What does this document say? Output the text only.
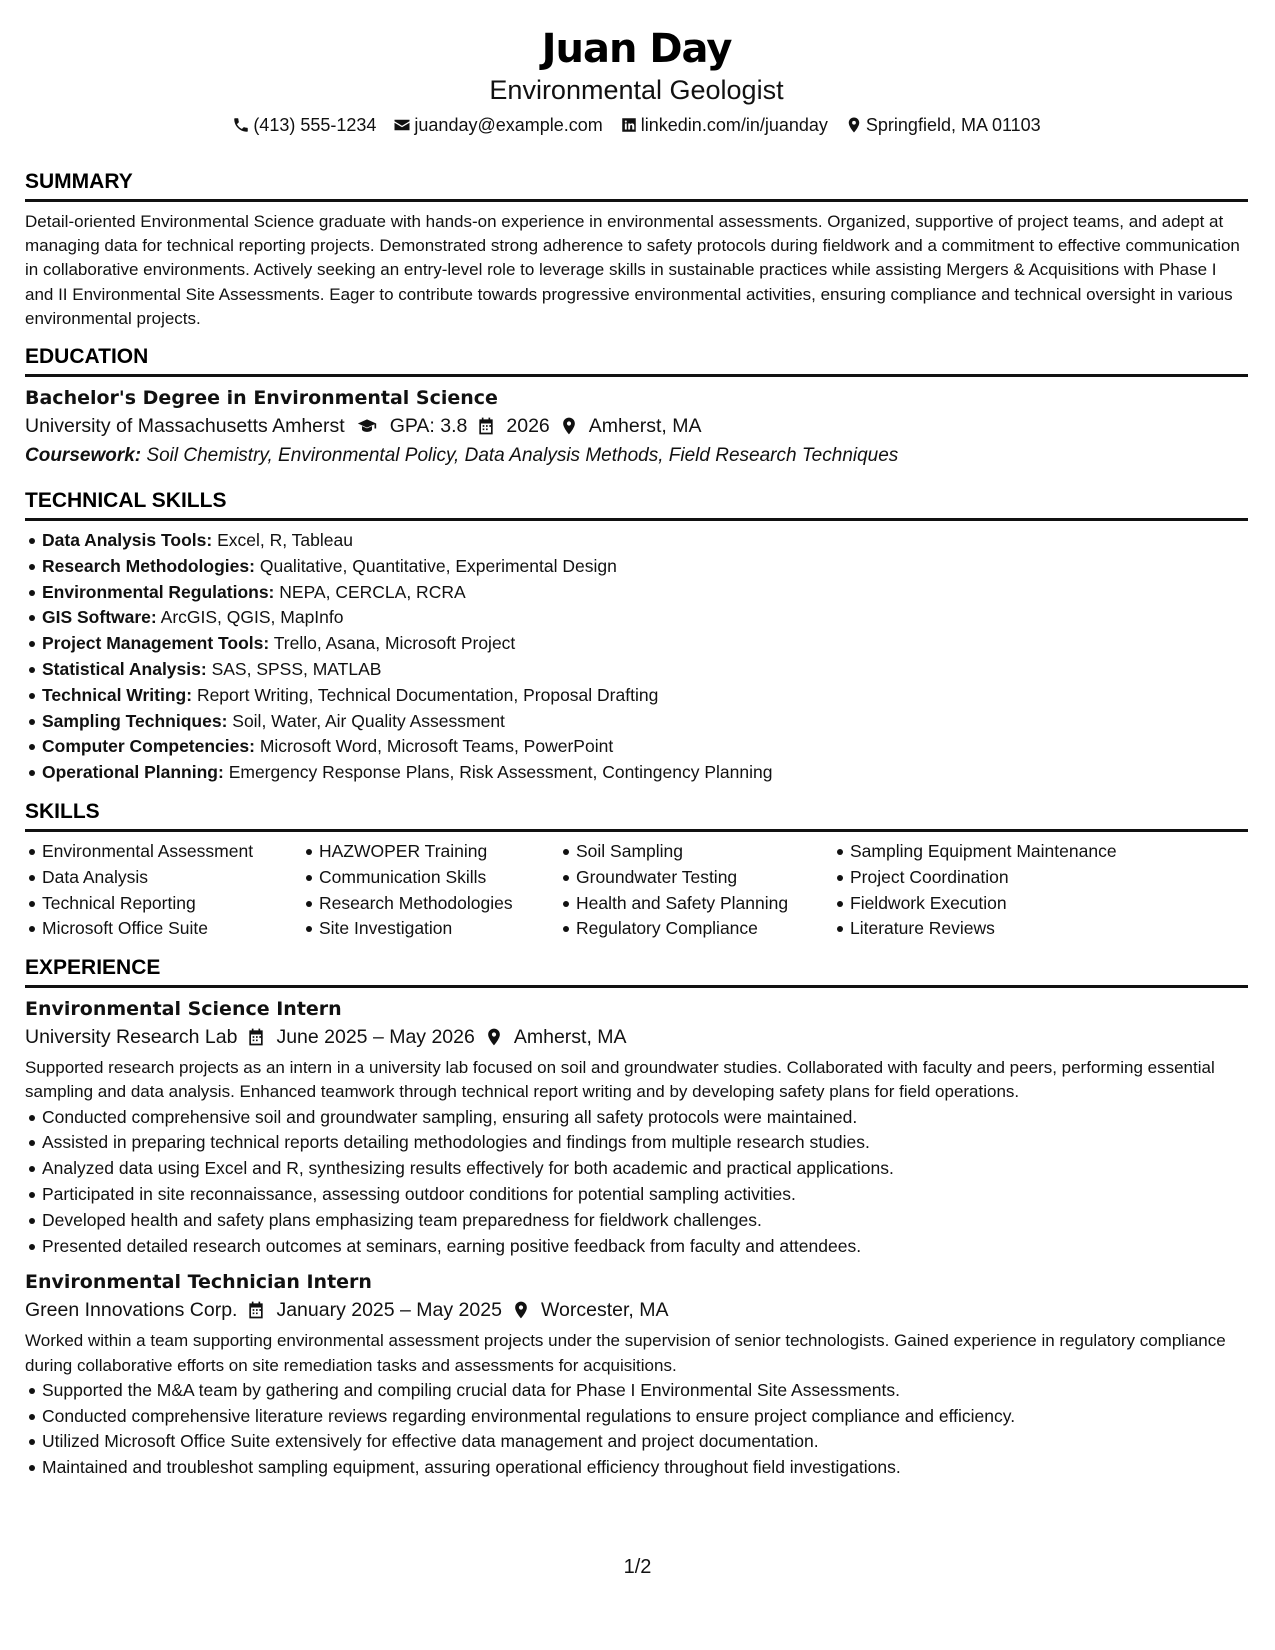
Juan Day
Environmental Geologist
(413) 555-1234 juanday@example.com linkedin.com/in/juanday Springfield, MA 01103
SUMMARY
Detail-oriented Environmental Science graduate with hands-on experience in environmental assessments. Organized, supportive of project teams, and adept at managing data for technical reporting projects. Demonstrated strong adherence to safety protocols during fieldwork and a commitment to effective communication in collaborative environments. Actively seeking an entry-level role to leverage skills in sustainable practices while assisting Mergers & Acquisitions with Phase I and II Environmental Site Assessments. Eager to contribute towards progressive environmental activities, ensuring compliance and technical oversight in various environmental projects.
EDUCATION
Bachelor's Degree in Environmental Science
University of Massachusetts Amherst GPA: 3.8 2026 Amherst, MA
Coursework: Soil Chemistry, Environmental Policy, Data Analysis Methods, Field Research Techniques
TECHNICAL SKILLS
Data Analysis Tools: Excel, R, Tableau
Research Methodologies: Qualitative, Quantitative, Experimental Design
Environmental Regulations: NEPA, CERCLA, RCRA
GIS Software: ArcGIS, QGIS, MapInfo
Project Management Tools: Trello, Asana, Microsoft Project
Statistical Analysis: SAS, SPSS, MATLAB
Technical Writing: Report Writing, Technical Documentation, Proposal Drafting
Sampling Techniques: Soil, Water, Air Quality Assessment
Computer Competencies: Microsoft Word, Microsoft Teams, PowerPoint
Operational Planning: Emergency Response Plans, Risk Assessment, Contingency Planning
SKILLS
Environmental Assessment
Data Analysis
Technical Reporting
Microsoft Office Suite
HAZWOPER Training
Communication Skills
Research Methodologies
Site Investigation
Soil Sampling
Groundwater Testing
Health and Safety Planning
Regulatory Compliance
Sampling Equipment Maintenance
Project Coordination
Fieldwork Execution
Literature Reviews
EXPERIENCE
Environmental Science Intern
University Research Lab June 2025 – May 2026 Amherst, MA
Supported research projects as an intern in a university lab focused on soil and groundwater studies. Collaborated with faculty and peers, performing essential sampling and data analysis. Enhanced teamwork through technical report writing and by developing safety plans for field operations.
Conducted comprehensive soil and groundwater sampling, ensuring all safety protocols were maintained.
Assisted in preparing technical reports detailing methodologies and findings from multiple research studies.
Analyzed data using Excel and R, synthesizing results effectively for both academic and practical applications.
Participated in site reconnaissance, assessing outdoor conditions for potential sampling activities.
Developed health and safety plans emphasizing team preparedness for fieldwork challenges.
Presented detailed research outcomes at seminars, earning positive feedback from faculty and attendees.
Environmental Technician Intern
Green Innovations Corp. January 2025 – May 2025 Worcester, MA
Worked within a team supporting environmental assessment projects under the supervision of senior technologists. Gained experience in regulatory compliance during collaborative efforts on site remediation tasks and assessments for acquisitions.
Supported the M&A team by gathering and compiling crucial data for Phase I Environmental Site Assessments.
Conducted comprehensive literature reviews regarding environmental regulations to ensure project compliance and efficiency.
Utilized Microsoft Office Suite extensively for effective data management and project documentation.
Maintained and troubleshot sampling equipment, assuring operational efficiency throughout field investigations.
1/2
